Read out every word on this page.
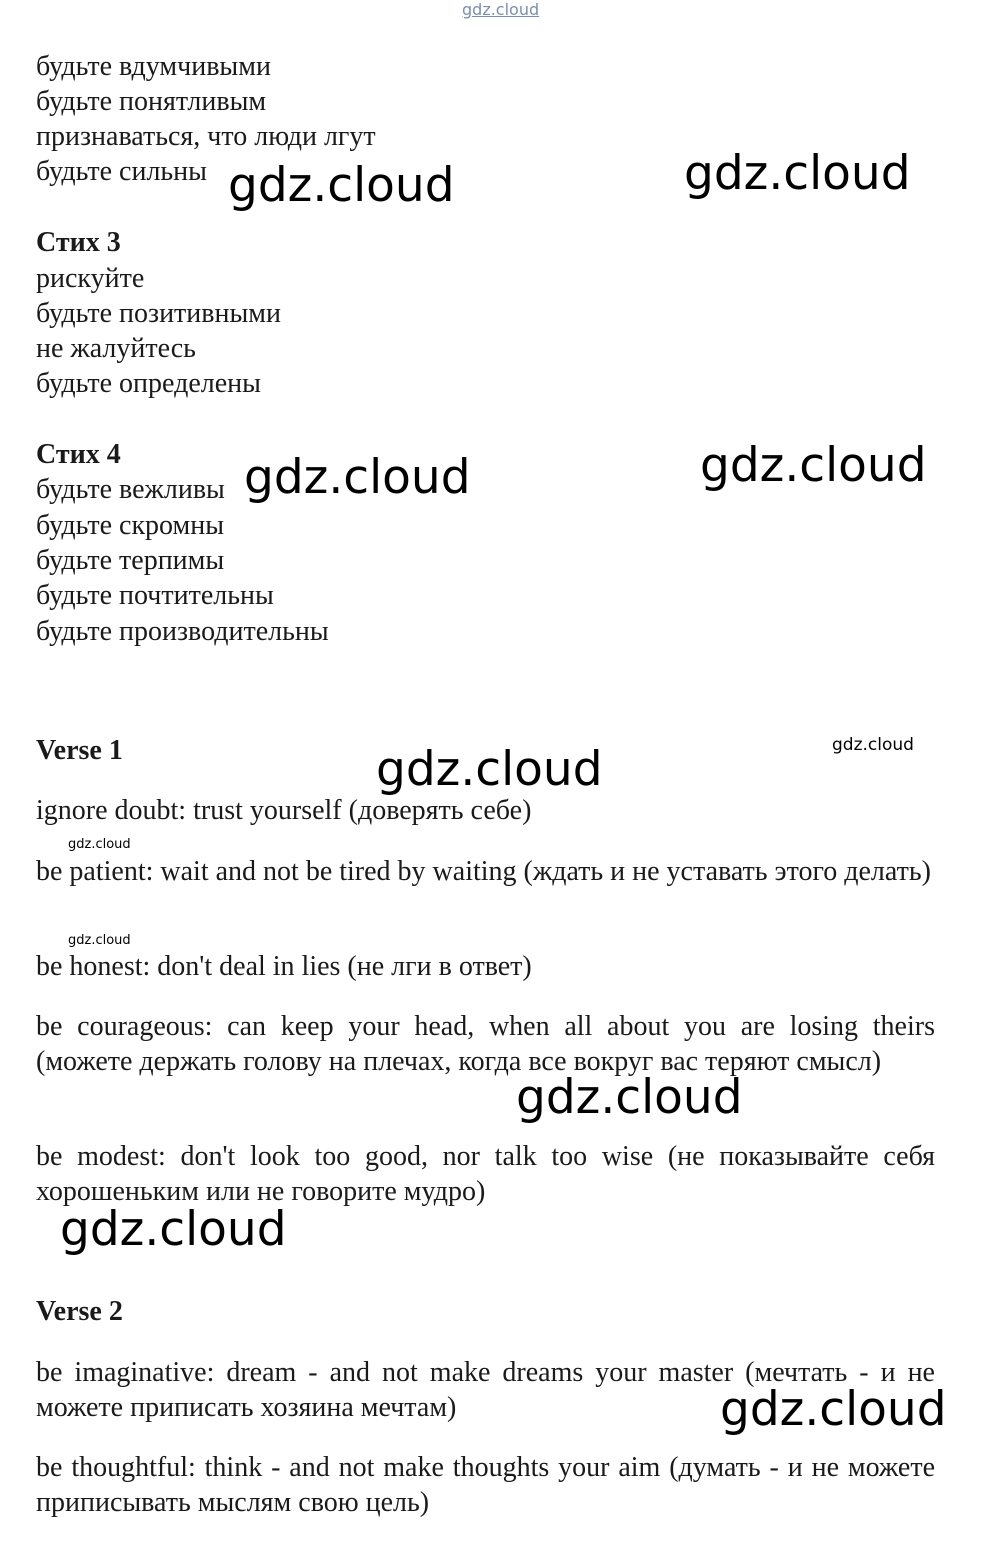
gdz.cloud

будьте вдумчивыми

будьте понятливым

признаваться, что люди лгут

будьте сильны

Стих 3

рискуйте

будьте позитивными

не жалуйтесь

будьте определены

Стих 4

будьте вежливы

будьте скромны

будьте терпимы

будьте почтительны

будьте производительны

Verse 1

ignore doubt: trust yourself (доверять себе)

be patient: wait and not be tired by waiting (ждать и не уставать этого делать)

be honest: don't deal in lies (не лги в ответ)

be courageous: can keep your head, when all about you are losing theirs (можете держать голову на плечах, когда все вокруг вас теряют смысл)

be modest: don't look too good, nor talk too wise (не показывайте себя хорошеньким или не говорите мудро)

Verse 2

be imaginative: dream - and not make dreams your master (мечтать - и не можете приписать хозяина мечтам)

be thoughtful: think - and not make thoughts your aim (думать - и не можете приписывать мыслям свою цель)

gdz.cloud	gdz.cloud
gdz.cloud	gdz.cloud
gdz.cloud	gdz.cloud
gdz.cloud
gdz.cloud
gdz.cloud
gdz.cloud
gdz.cloud
